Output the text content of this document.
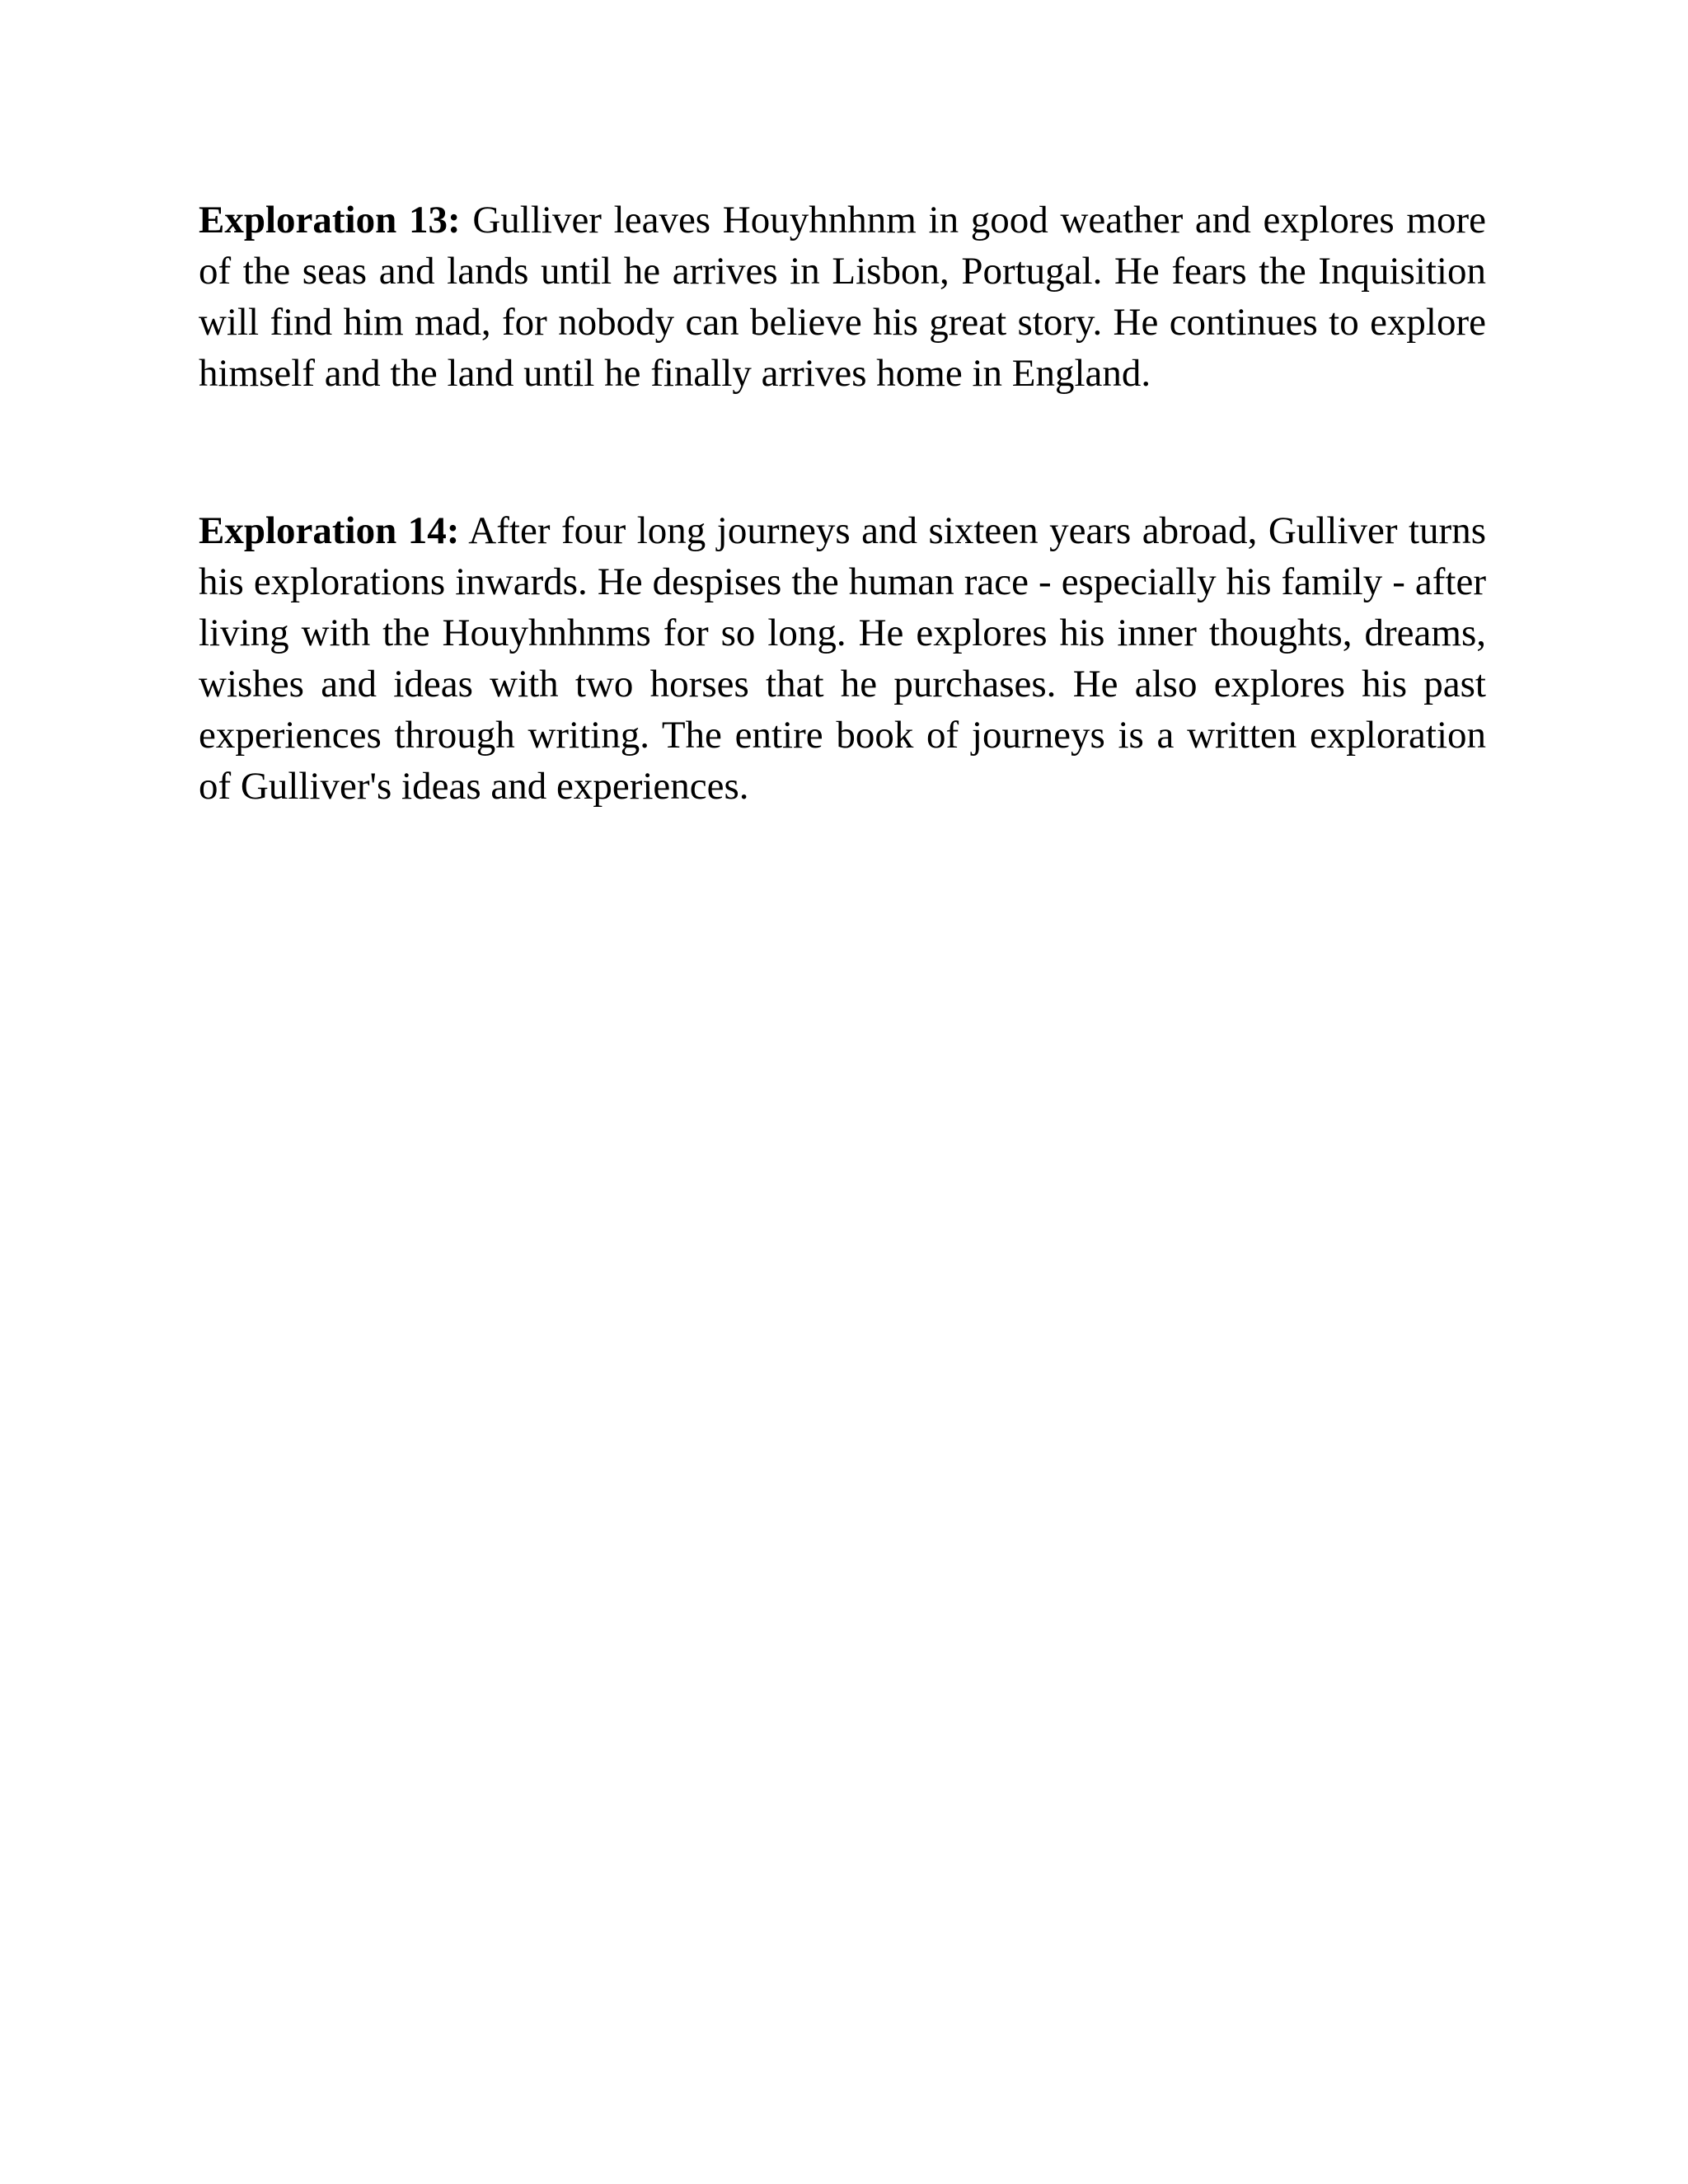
Exploration 13: Gulliver leaves Houyhnhnm in good weather and explores more of the seas and lands until he arrives in Lisbon, Portugal. He fears the Inquisition will find him mad, for nobody can believe his great story. He continues to explore himself and the land until he finally arrives home in England.

Exploration 14: After four long journeys and sixteen years abroad, Gulliver turns his explorations inwards. He despises the human race - especially his family - after living with the Houyhnhnms for so long. He explores his inner thoughts, dreams, wishes and ideas with two horses that he purchases. He also explores his past experiences through writing. The entire book of journeys is a written exploration of Gulliver's ideas and experiences.
